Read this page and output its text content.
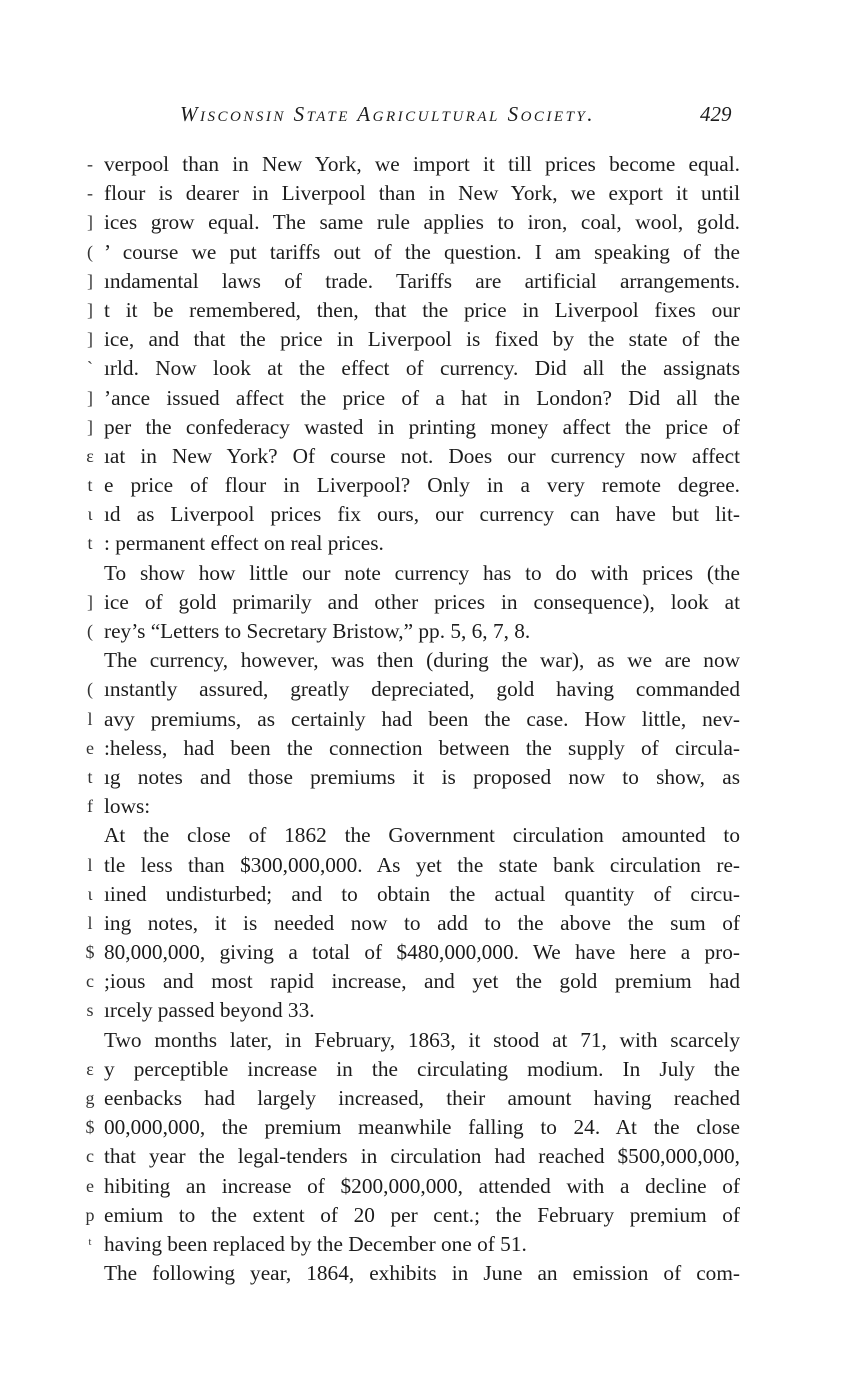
Wisconsin State Agricultural Society.	429
-
-
]
(
]
]
]
`
]
]
ε
t
ι
t
]
(
(
l
e
t
f
l
ι
l
$
c
s
ε
g
$
c
e
p
ᵗ
verpool than in New York, we import it till prices become equal.
flour is dearer in Liverpool than in New York, we export it until
ices grow equal. The same rule applies to iron, coal, wool, gold.
’ course we put tariffs out of the question. I am speaking of the
ındamental laws of trade. Tariffs are artificial arrangements.
t it be remembered, then, that the price in Liverpool fixes our
ice, and that the price in Liverpool is fixed by the state of the
ırld. Now look at the effect of currency. Did all the assignats
’ance issued affect the price of a hat in London? Did all the
per the confederacy wasted in printing money affect the price of
ıat in New York? Of course not. Does our currency now affect
e price of flour in Liverpool? Only in a very remote degree.
ıd as Liverpool prices fix ours, our currency can have but lit-
: permanent effect on real prices.
To show how little our note currency has to do with prices (the
ice of gold primarily and other prices in consequence), look at
rey’s “Letters to Secretary Bristow,” pp. 5, 6, 7, 8.
The currency, however, was then (during the war), as we are now
ınstantly assured, greatly depreciated, gold having commanded
avy premiums, as certainly had been the case. How little, nev-
:heless, had been the connection between the supply of circula-
ıg notes and those premiums it is proposed now to show, as
lows:
At the close of 1862 the Government circulation amounted to
tle less than $300,000,000. As yet the state bank circulation re-
ıined undisturbed; and to obtain the actual quantity of circu-
ing notes, it is needed now to add to the above the sum of
80,000,000, giving a total of $480,000,000. We have here a pro-
;ious and most rapid increase, and yet the gold premium had
ırcely passed beyond 33.
Two months later, in February, 1863, it stood at 71, with scarcely
y perceptible increase in the circulating modium. In July the
eenbacks had largely increased, their amount having reached
00,000,000, the premium meanwhile falling to 24. At the close
that year the legal-tenders in circulation had reached $500,000,000,
hibiting an increase of $200,000,000, attended with a decline of
emium to the extent of 20 per cent.; the February premium of
having been replaced by the December one of 51.
The following year, 1864, exhibits in June an emission of com-
